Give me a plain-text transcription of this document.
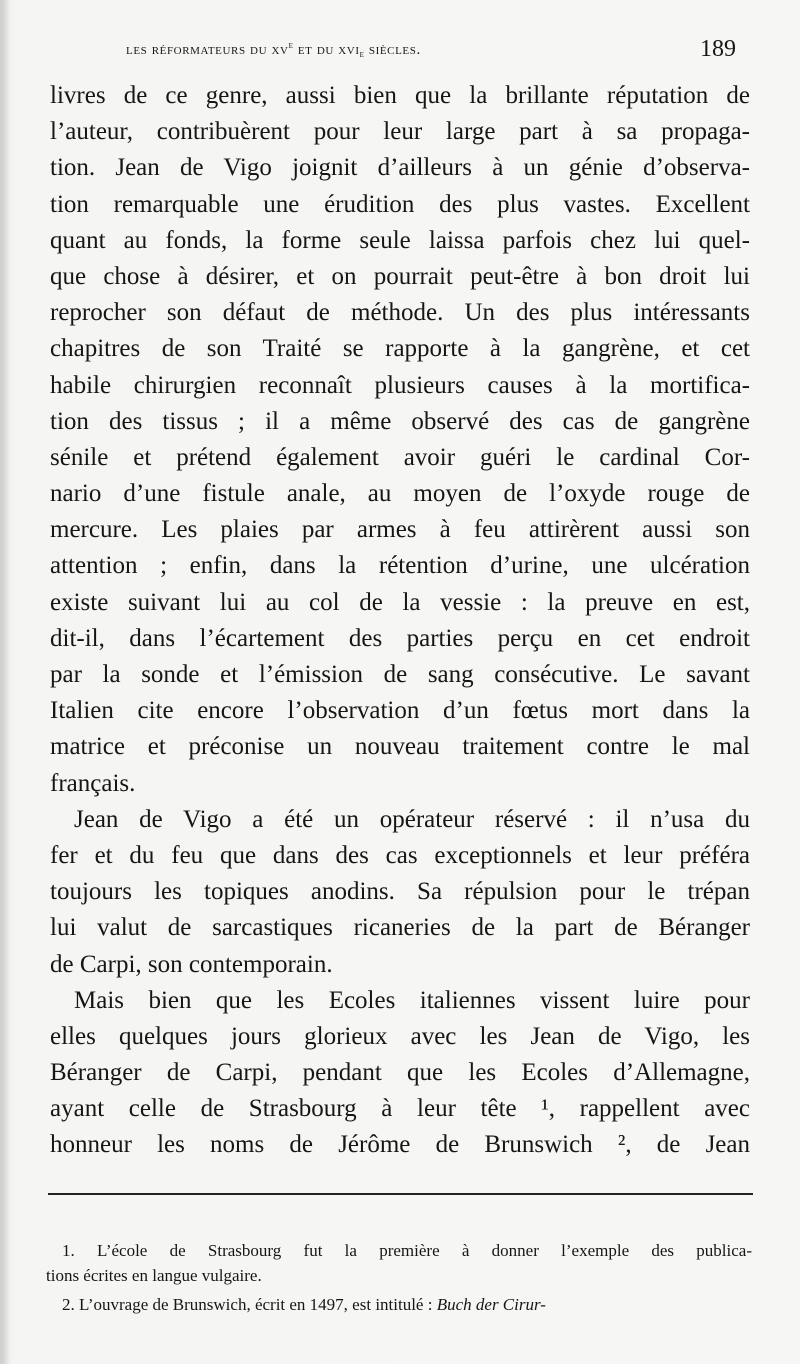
les réformateurs du $xv^e$ et du xvi$_e$ siècles.	189
livres de ce genre, aussi bien que la brillante réputation de
l’auteur, contribuèrent pour leur large part à sa propaga-
tion. Jean de Vigo joignit d’ailleurs à un génie d’observa-
tion remarquable une érudition des plus vastes. Excellent
quant au fonds, la forme seule laissa parfois chez lui quel-
que chose à désirer, et on pourrait peut-être à bon droit lui
reprocher son défaut de méthode. Un des plus intéressants
chapitres de son Traité se rapporte à la gangrène, et cet
habile chirurgien reconnaît plusieurs causes à la mortifica-
tion des tissus ; il a même observé des cas de gangrène
sénile et prétend également avoir guéri le cardinal Cor-
nario d’une fistule anale, au moyen de l’oxyde rouge de
mercure. Les plaies par armes à feu attirèrent aussi son
attention ; enfin, dans la rétention d’urine, une ulcération
existe suivant lui au col de la vessie : la preuve en est,
dit-il, dans l’écartement des parties perçu en cet endroit
par la sonde et l’émission de sang consécutive. Le savant
Italien cite encore l’observation d’un fœtus mort dans la
matrice et préconise un nouveau traitement contre le mal
français.
Jean de Vigo a été un opérateur réservé : il n’usa du
fer et du feu que dans des cas exceptionnels et leur préféra
toujours les topiques anodins. Sa répulsion pour le trépan
lui valut de sarcastiques ricaneries de la part de Béranger
de Carpi, son contemporain.
Mais bien que les Ecoles italiennes vissent luire pour
elles quelques jours glorieux avec les Jean de Vigo, les
Béranger de Carpi, pendant que les Ecoles d’Allemagne,
ayant celle de Strasbourg à leur tête ¹, rappellent avec
honneur les noms de Jérôme de Brunswich ², de Jean
1. L’école de Strasbourg fut la première à donner l’exemple des publica-
tions écrites en langue vulgaire.
2. L’ouvrage de Brunswich, écrit en 1497, est intitulé : Buch der Cirur-
